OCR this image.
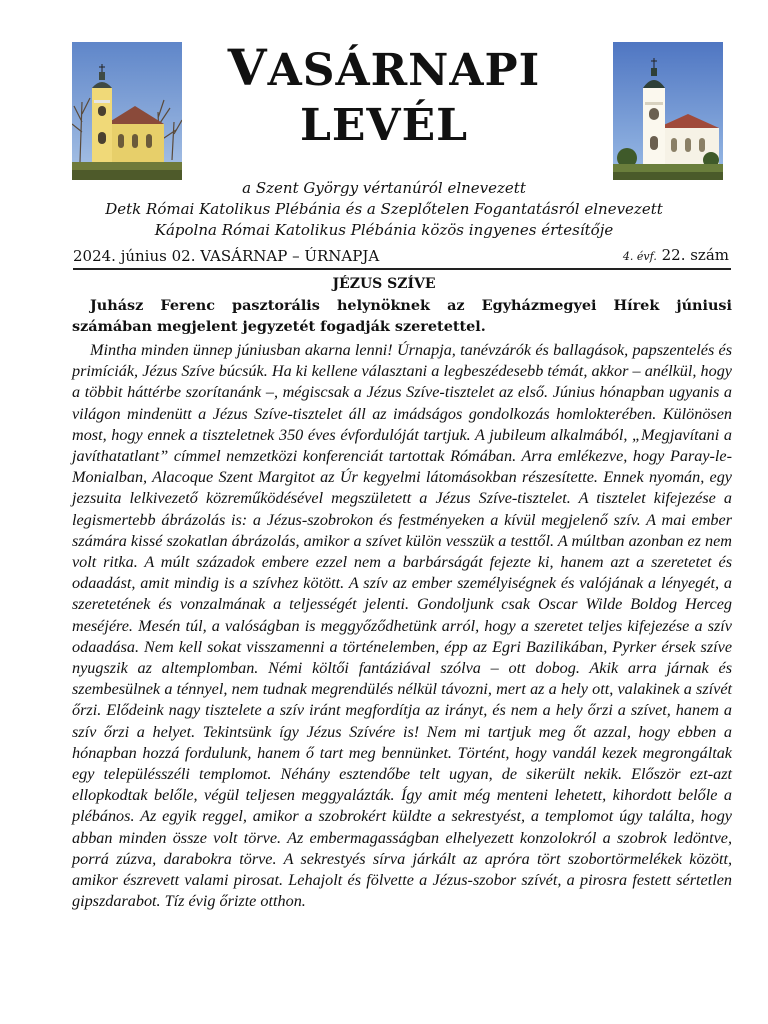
VASÁRNAPI
LEVÉL
a Szent György vértanúról elnevezett
Detk Római Katolikus Plébánia és a Szeplőtelen Fogantatásról elnevezett
Kápolna Római Katolikus Plébánia közös ingyenes értesítője
2024. június 02. VASÁRNAP – ÚRNAPJA	4. évf. 22. szám
JÉZUS SZÍVE
Juhász Ferenc pasztorális helynöknek az Egyházmegyei Hírek júniusi számában megjelent jegyzetét fogadják szeretettel.

Mintha minden ünnep júniusban akarna lenni! Úrnapja, tanévzárók és ballagások, papszentelés és primíciák, Jézus Szíve búcsúk. Ha ki kellene választani a legbeszédesebb témát, akkor – anélkül, hogy a többit háttérbe szorítanánk –, mégiscsak a Jézus Szíve-tisztelet az első. Június hónapban ugyanis a világon mindenütt a Jézus Szíve-tisztelet áll az imádságos gondolkozás homlokterében. Különösen most, hogy ennek a tiszteletnek 350 éves évfordulóját tartjuk. A jubileum alkalmából, „Megjavítani a javíthatatlant” címmel nemzetközi konferenciát tartottak Rómában. Arra emlékezve, hogy Paray-le-Monialban, Alacoque Szent Margitot az Úr kegyelmi látomásokban részesítette. Ennek nyomán, egy jezsuita lelkivezető közreműködésével megszületett a Jézus Szíve-tisztelet. A tisztelet kifejezése a legismertebb ábrázolás is: a Jézus-szobrokon és festményeken a kívül megjelenő szív. A mai ember számára kissé szokatlan ábrázolás, amikor a szívet külön vesszük a testtől. A múltban azonban ez nem volt ritka. A múlt századok embere ezzel nem a barbárságát fejezte ki, hanem azt a szeretetet és odaadást, amit mindig is a szívhez kötött. A szív az ember személyiségnek és valójának a lényegét, a szeretetének és vonzalmának a teljességét jelenti. Gondoljunk csak Oscar Wilde Boldog Herceg meséjére. Mesén túl, a valóságban is meggyőződhetünk arról, hogy a szeretet teljes kifejezése a szív odaadása. Nem kell sokat visszamenni a történelemben, épp az Egri Bazilikában, Pyrker érsek szíve nyugszik az altemplomban. Némi költői fantáziával szólva – ott dobog. Akik arra járnak és szembesülnek a ténnyel, nem tudnak megrendülés nélkül távozni, mert az a hely ott, valakinek a szívét őrzi. Elődeink nagy tisztelete a szív iránt megfordítja az irányt, és nem a hely őrzi a szívet, hanem a szív őrzi a helyet. Tekintsünk így Jézus Szívére is! Nem mi tartjuk meg őt azzal, hogy ebben a hónapban hozzá fordulunk, hanem ő tart meg bennünket. Történt, hogy vandál kezek megrongáltak egy településszéli templomot. Néhány esztendőbe telt ugyan, de sikerült nekik. Először ezt-azt ellopkodtak belőle, végül teljesen meggyalázták. Így amit még menteni lehetett, kihordott belőle a plébános. Az egyik reggel, amikor a szobrokért küldte a sekrestyést, a templomot úgy találta, hogy abban minden össze volt törve. Az embermagasságban elhelyezett konzolokról a szobrok ledöntve, porrá zúzva, darabokra törve. A sekrestyés sírva járkált az apróra tört szobortörmelékek között, amikor észrevett valami pirosat. Lehajolt és fölvette a Jézus-szobor szívét, a pirosra festett sértetlen gipszdarabot. Tíz évig őrizte otthon.
